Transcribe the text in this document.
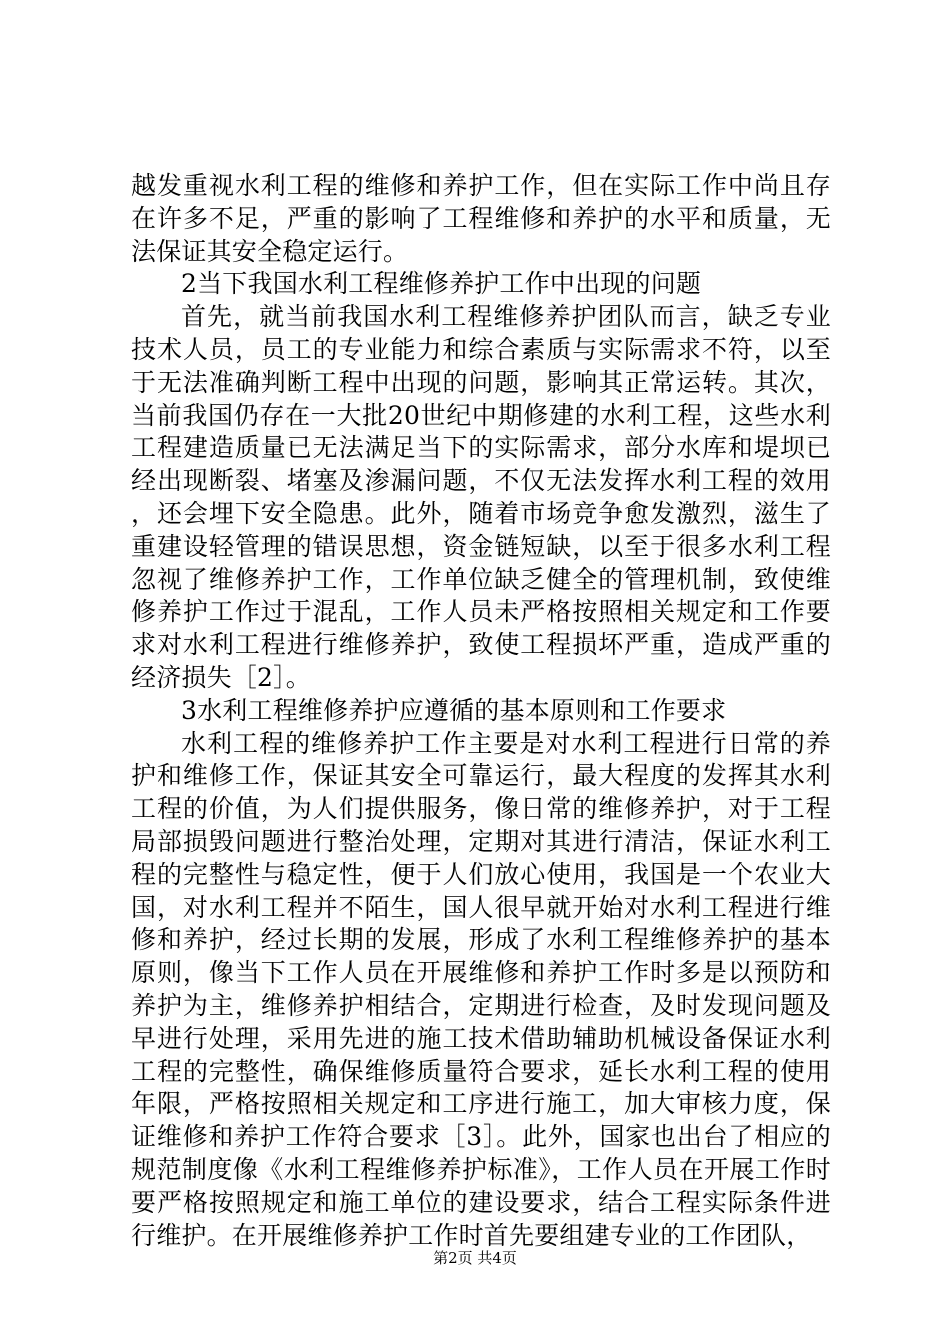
越发重视水利工程的维修和养护工作，但在实际工作中尚且存在许多不足，严重的影响了工程维修和养护的水平和质量，无法保证其安全稳定运行。

2当下我国水利工程维修养护工作中出现的问题

首先，就当前我国水利工程维修养护团队而言，缺乏专业技术人员，员工的专业能力和综合素质与实际需求不符，以至于无法准确判断工程中出现的问题，影响其正常运转。其次，当前我国仍存在一大批20世纪中期修建的水利工程，这些水利工程建造质量已无法满足当下的实际需求，部分水库和堤坝已经出现断裂、堵塞及渗漏问题，不仅无法发挥水利工程的效用，还会埋下安全隐患。此外，随着市场竞争愈发激烈，滋生了重建设轻管理的错误思想，资金链短缺，以至于很多水利工程忽视了维修养护工作，工作单位缺乏健全的管理机制，致使维修养护工作过于混乱，工作人员未严格按照相关规定和工作要求对水利工程进行维修养护，致使工程损坏严重，造成严重的经济损失［2］。

3水利工程维修养护应遵循的基本原则和工作要求

水利工程的维修养护工作主要是对水利工程进行日常的养护和维修工作，保证其安全可靠运行，最大程度的发挥其水利工程的价值，为人们提供服务，像日常的维修养护，对于工程局部损毁问题进行整治处理，定期对其进行清洁，保证水利工程的完整性与稳定性，便于人们放心使用，我国是一个农业大国，对水利工程并不陌生，国人很早就开始对水利工程进行维修和养护，经过长期的发展，形成了水利工程维修养护的基本原则，像当下工作人员在开展维修和养护工作时多是以预防和养护为主，维修养护相结合，定期进行检查，及时发现问题及早进行处理，采用先进的施工技术借助辅助机械设备保证水利工程的完整性，确保维修质量符合要求，延长水利工程的使用年限，严格按照相关规定和工序进行施工，加大审核力度，保证维修和养护工作符合要求［3］。此外，国家也出台了相应的规范制度像《水利工程维修养护标准》，工作人员在开展工作时要严格按照规定和施工单位的建设要求，结合工程实际条件进行维护。在开展维修养护工作时首先要组建专业的工作团队，

第2页 共4页
